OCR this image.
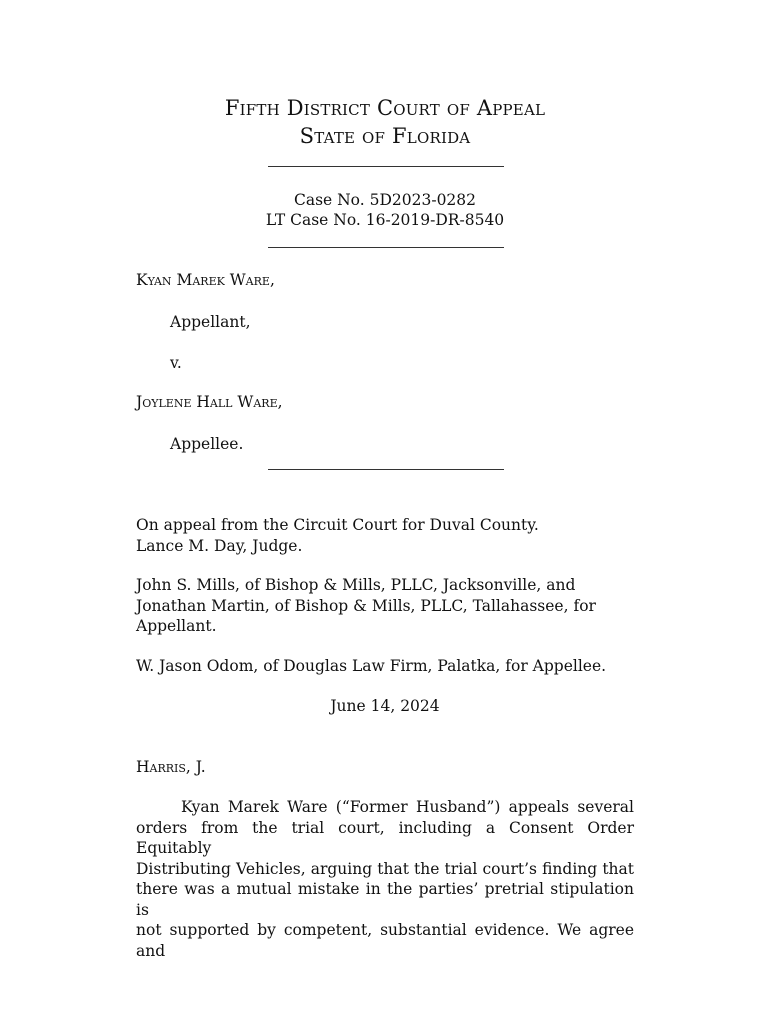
Fifth District Court of Appeal
State of Florida
Case No. 5D2023-0282
LT Case No. 16-2019-DR-8540
Kyan Marek Ware,
Appellant,
v.
Joylene Hall Ware,
Appellee.
On appeal from the Circuit Court for Duval County.
Lance M. Day, Judge.
John S. Mills, of Bishop & Mills, PLLC, Jacksonville, and
Jonathan Martin, of Bishop & Mills, PLLC, Tallahassee, for
Appellant.
W. Jason Odom, of Douglas Law Firm, Palatka, for Appellee.
June 14, 2024
Harris, J.
Kyan Marek Ware (“Former Husband”) appeals several
orders from the trial court, including a Consent Order Equitably
Distributing Vehicles, arguing that the trial court’s finding that
there was a mutual mistake in the parties’ pretrial stipulation is
not supported by competent, substantial evidence. We agree and
